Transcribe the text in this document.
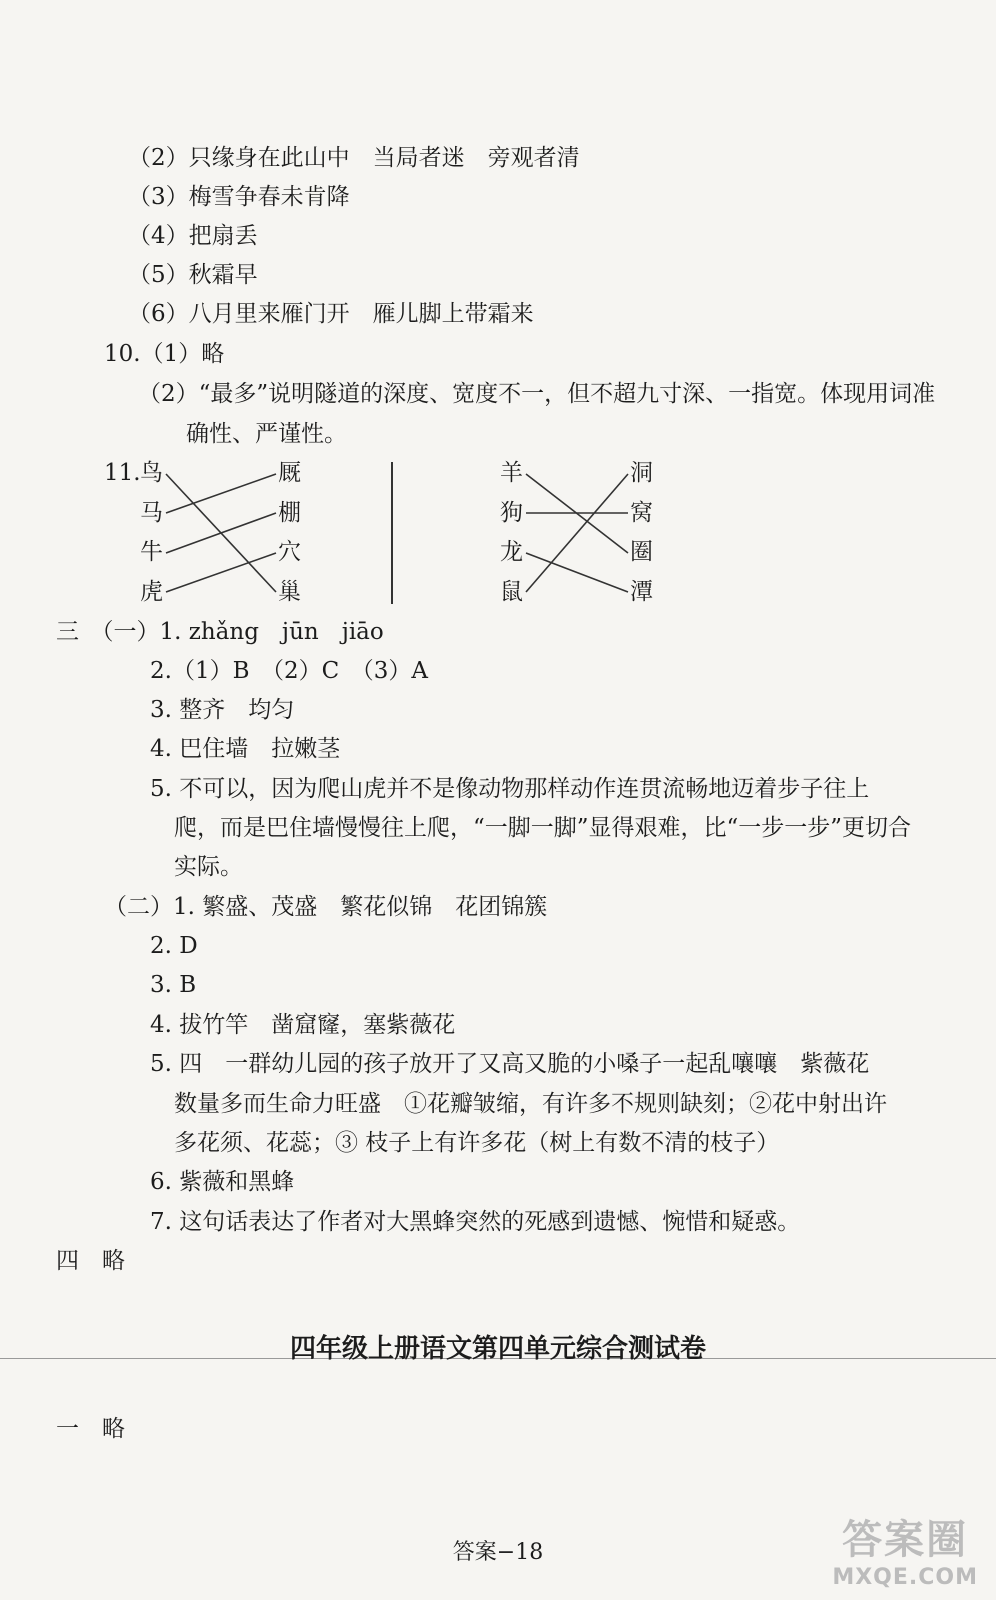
（2）只缘身在此山中　当局者迷　旁观者清
（3）梅雪争春未肯降
（4）把扇丢
（5）秋霜早
（6）八月里来雁门开　雁儿脚上带霜来
10.（1）略
（2）“最多”说明隧道的深度、宽度不一，但不超九寸深、一指宽。体现用词准
确性、严谨性。
11. 鸟
马
牛
虎
厩
棚
穴
巢
羊
狗
龙
鼠
洞
窝
圈
潭
三　（一）1. zhǎng　jūn　jiāo
2.（1）B　（2）C　（3）A
3. 整齐　均匀
4. 巴住墙　拉嫩茎
5. 不可以，因为爬山虎并不是像动物那样动作连贯流畅地迈着步子往上
爬，而是巴住墙慢慢往上爬，“一脚一脚”显得艰难，比“一步一步”更切合
实际。
（二）1. 繁盛、茂盛　繁花似锦　花团锦簇
2. D
3. B
4. 拔竹竿　凿窟窿，塞紫薇花
5. 四　一群幼儿园的孩子放开了又高又脆的小嗓子一起乱嚷嚷　紫薇花
数量多而生命力旺盛　①花瓣皱缩，有许多不规则缺刻；②花中射出许
多花须、花蕊；③ 枝子上有许多花（树上有数不清的枝子）
6. 紫薇和黑蜂
7. 这句话表达了作者对大黑蜂突然的死感到遗憾、惋惜和疑惑。
四　略
四年级上册语文第四单元综合测试卷
一　略
答案−18	答案圈
MXQE.COM
